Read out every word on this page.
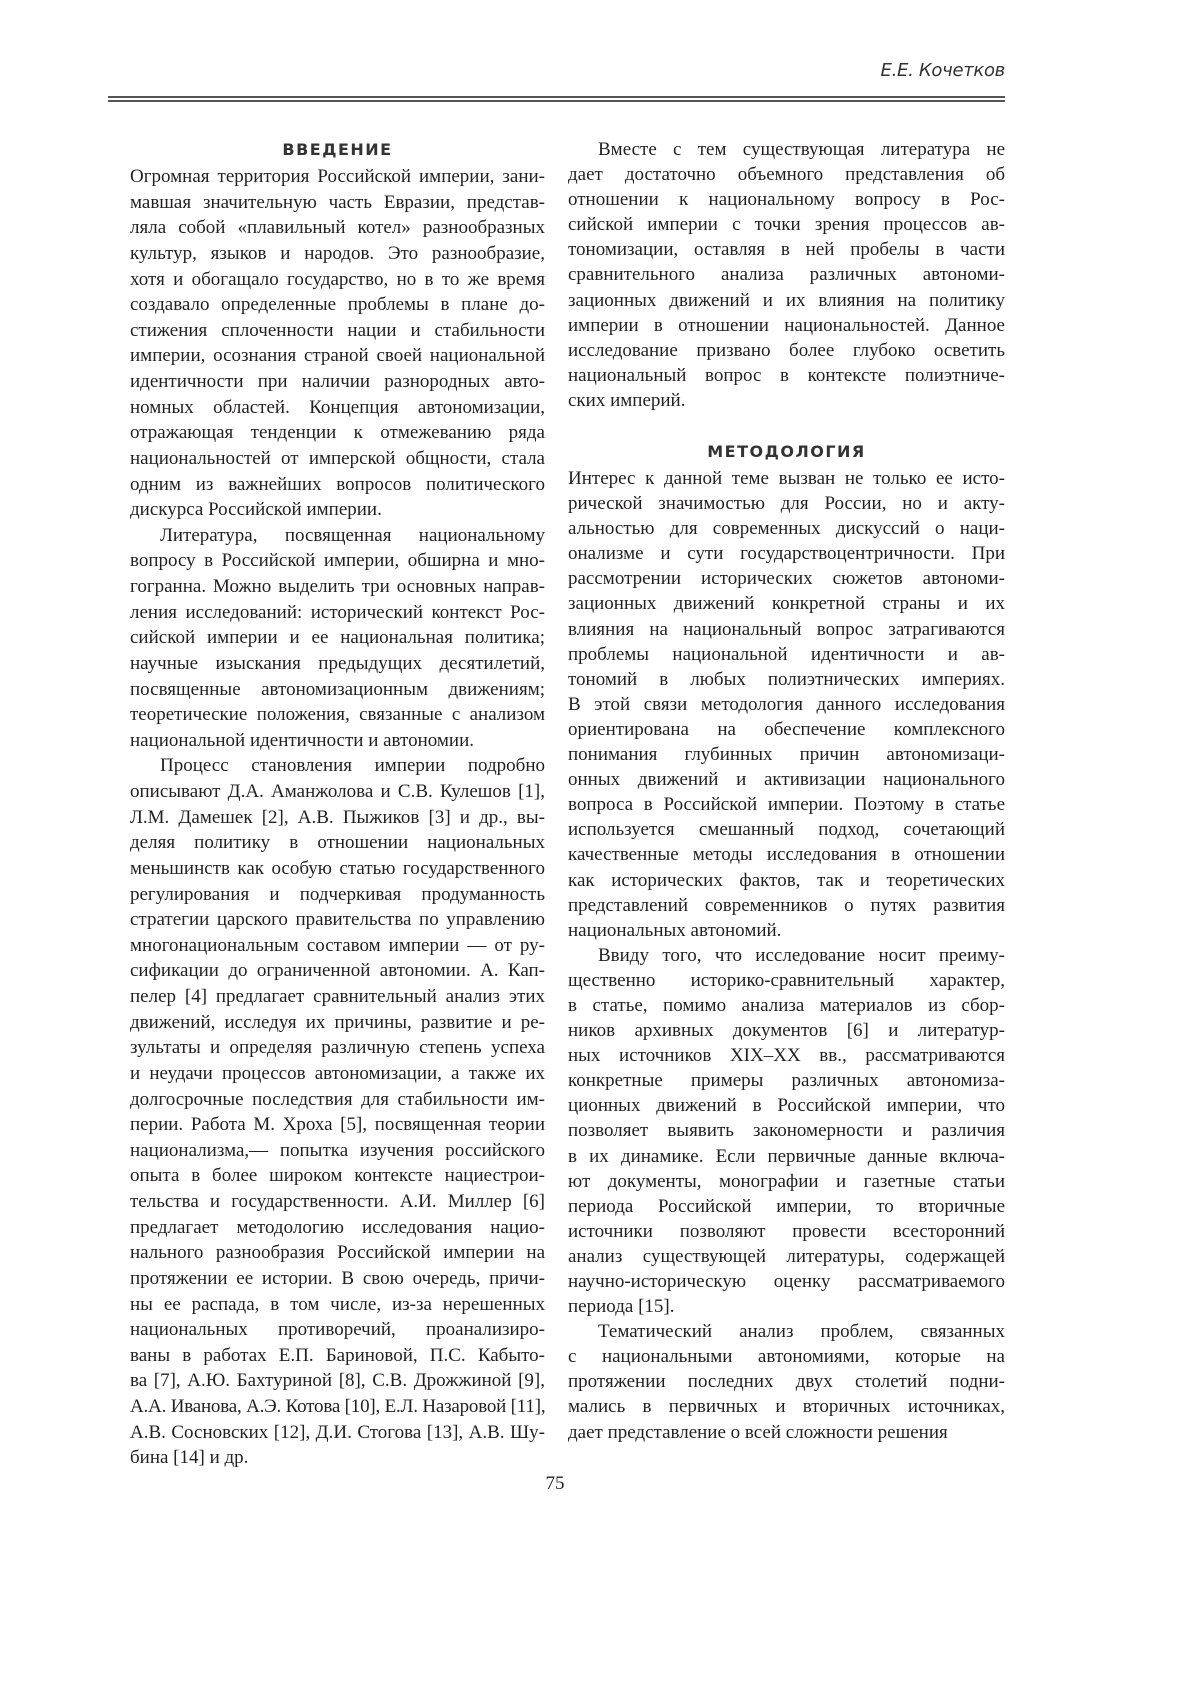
Е.Е. Кочетков
ВВЕДЕНИЕ
Огромная территория Российской империи, зани-
мавшая значительную часть Евразии, представ-
ляла собой «плавильный котел» разнообразных
культур, языков и народов. Это разнообразие,
хотя и обогащало государство, но в то же время
создавало определенные проблемы в плане до-
стижения сплоченности нации и стабильности
империи, осознания страной своей национальной
идентичности при наличии разнородных авто-
номных областей. Концепция автономизации,
отражающая тенденции к отмежеванию ряда
национальностей от имперской общности, стала
одним из важнейших вопросов политического
дискурса Российской империи.
Литература, посвященная национальному
вопросу в Российской империи, обширна и мно-
гогранна. Можно выделить три основных направ-
ления исследований: исторический контекст Рос-
сийской империи и ее национальная политика;
научные изыскания предыдущих десятилетий,
посвященные автономизационным движениям;
теоретические положения, связанные с анализом
национальной идентичности и автономии.
Процесс становления империи подробно
описывают Д.А. Аманжолова и С.В. Кулешов [1],
Л.М. Дамешек [2], А.В. Пыжиков [3] и др., вы-
деляя политику в отношении национальных
меньшинств как особую статью государственного
регулирования и подчеркивая продуманность
стратегии царского правительства по управлению
многонациональным составом империи — от ру-
сификации до ограниченной автономии. А. Кап-
пелер [4] предлагает сравнительный анализ этих
движений, исследуя их причины, развитие и ре-
зультаты и определяя различную степень успеха
и неудачи процессов автономизации, а также их
долгосрочные последствия для стабильности им-
перии. Работа М. Хроха [5], посвященная теории
национализма,— попытка изучения российского
опыта в более широком контексте нациестрои-
тельства и государственности. А.И. Миллер [6]
предлагает методологию исследования нацио-
нального разнообразия Российской империи на
протяжении ее истории. В свою очередь, причи-
ны ее распада, в том числе, из-за нерешенных
национальных противоречий, проанализиро-
ваны в работах Е.П. Бариновой, П.С. Кабыто-
ва [7], А.Ю. Бахтуриной [8], С.В. Дрожжиной [9],
А.А. Иванова, А.Э. Котова [10], Е.Л. Назаровой [11],
А.В. Сосновских [12], Д.И. Стогова [13], А.В. Шу-
бина [14] и др.
Вместе с тем существующая литература не
дает достаточно объемного представления об
отношении к национальному вопросу в Рос-
сийской империи с точки зрения процессов ав-
тономизации, оставляя в ней пробелы в части
сравнительного анализа различных автономи-
зационных движений и их влияния на политику
империи в отношении национальностей. Данное
исследование призвано более глубоко осветить
национальный вопрос в контексте полиэтниче-
ских империй.
МЕТОДОЛОГИЯ
Интерес к данной теме вызван не только ее исто-
рической значимостью для России, но и акту-
альностью для современных дискуссий о наци-
онализме и сути государствоцентричности. При
рассмотрении исторических сюжетов автономи-
зационных движений конкретной страны и их
влияния на национальный вопрос затрагиваются
проблемы национальной идентичности и ав-
тономий в любых полиэтнических империях.
В этой связи методология данного исследования
ориентирована на обеспечение комплексного
понимания глубинных причин автономизаци-
онных движений и активизации национального
вопроса в Российской империи. Поэтому в статье
используется смешанный подход, сочетающий
качественные методы исследования в отношении
как исторических фактов, так и теоретических
представлений современников о путях развития
национальных автономий.
Ввиду того, что исследование носит преиму-
щественно историко-сравнительный характер,
в статье, помимо анализа материалов из сбор-
ников архивных документов [6] и литератур-
ных источников XIX–XX вв., рассматриваются
конкретные примеры различных автономиза-
ционных движений в Российской империи, что
позволяет выявить закономерности и различия
в их динамике. Если первичные данные включа-
ют документы, монографии и газетные статьи
периода Российской империи, то вторичные
источники позволяют провести всесторонний
анализ существующей литературы, содержащей
научно-историческую оценку рассматриваемого
периода [15].
Тематический анализ проблем, связанных
с национальными автономиями, которые на
протяжении последних двух столетий подни-
мались в первичных и вторичных источниках,
дает представление о всей сложности решения
75
